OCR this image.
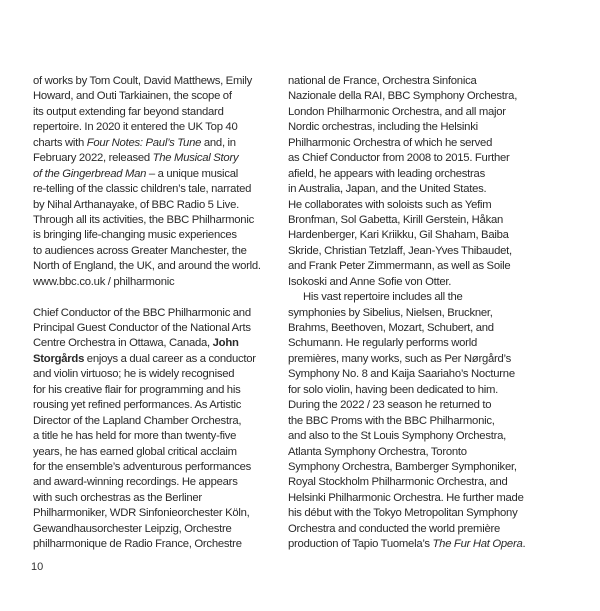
of works by Tom Coult, David Matthews, Emily
Howard, and Outi Tarkiainen, the scope of
its output extending far beyond standard
repertoire. In 2020 it entered the UK Top 40
charts with Four Notes: Paul’s Tune and, in
February 2022, released The Musical Story
of the Gingerbread Man – a unique musical
re-telling of the classic children’s tale, narrated
by Nihal Arthanayake, of BBC Radio 5 Live.
Through all its activities, the BBC Philharmonic
is bringing life-changing music experiences
to audiences across Greater Manchester, the
North of England, the UK, and around the world.
www.bbc.co.uk / philharmonic
Chief Conductor of the BBC Philharmonic and
Principal Guest Conductor of the National Arts
Centre Orchestra in Ottawa, Canada, John
Storgårds enjoys a dual career as a conductor
and violin virtuoso; he is widely recognised
for his creative flair for programming and his
rousing yet refined performances. As Artistic
Director of the Lapland Chamber Orchestra,
a title he has held for more than twenty-five
years, he has earned global critical acclaim
for the ensemble’s adventurous performances
and award-winning recordings. He appears
with such orchestras as the Berliner
Philharmoniker, WDR Sinfonieorchester Köln,
Gewandhausorchester Leipzig, Orchestre
philharmonique de Radio France, Orchestre
national de France, Orchestra Sinfonica
Nazionale della RAI, BBC Symphony Orchestra,
London Philharmonic Orchestra, and all major
Nordic orchestras, including the Helsinki
Philharmonic Orchestra of which he served
as Chief Conductor from 2008 to 2015. Further
afield, he appears with leading orchestras
in Australia, Japan, and the United States.
He collaborates with soloists such as Yefim
Bronfman, Sol Gabetta, Kirill Gerstein, Håkan
Hardenberger, Kari Kriikku, Gil Shaham, Baiba
Skride, Christian Tetzlaff, Jean-Yves Thibaudet,
and Frank Peter Zimmermann, as well as Soile
Isokoski and Anne Sofie von Otter.
His vast repertoire includes all the
symphonies by Sibelius, Nielsen, Bruckner,
Brahms, Beethoven, Mozart, Schubert, and
Schumann. He regularly performs world
premières, many works, such as Per Nørgård’s
Symphony No. 8 and Kaija Saariaho’s Nocturne
for solo violin, having been dedicated to him.
During the 2022 / 23 season he returned to
the BBC Proms with the BBC Philharmonic,
and also to the St Louis Symphony Orchestra,
Atlanta Symphony Orchestra, Toronto
Symphony Orchestra, Bamberger Symphoniker,
Royal Stockholm Philharmonic Orchestra, and
Helsinki Philharmonic Orchestra. He further made
his début with the Tokyo Metropolitan Symphony
Orchestra and conducted the world première
production of Tapio Tuomela’s The Fur Hat Opera.
10
